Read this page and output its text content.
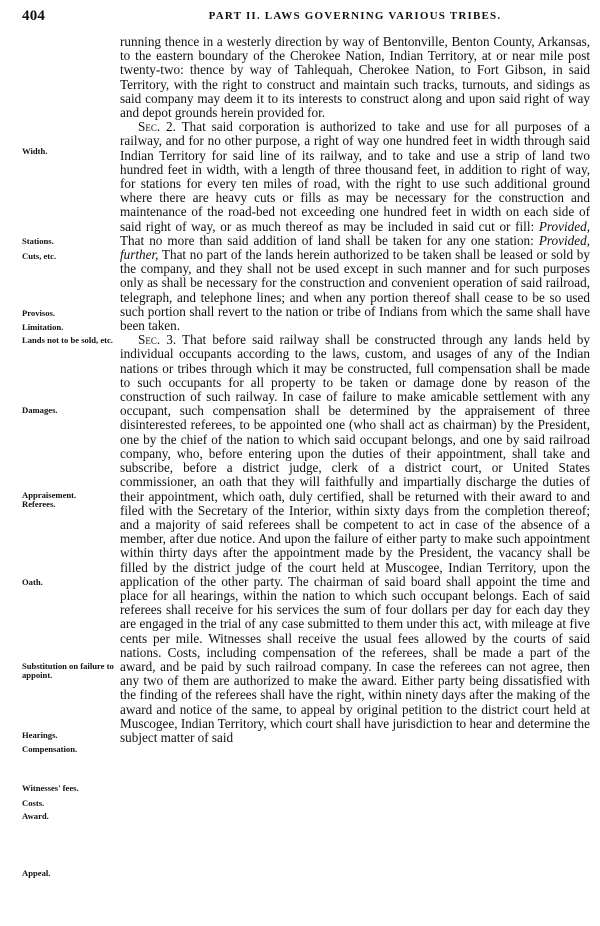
404	PART II. LAWS GOVERNING VARIOUS TRIBES.
Width.
Stations.
Cuts, etc.
Provisos.
Limitation.
Lands not to be sold, etc.
Damages.
Appraisement. Referees.
Oath.
Substitution on failure to appoint.
Hearings.
Compensation.
Witnesses' fees.
Costs.
Award.
Appeal.

running thence in a westerly direction by way of Bentonville, Benton County, Arkansas, to the eastern boundary of the Cherokee Nation, Indian Territory, at or near mile post twenty-two: thence by way of Tahlequah, Cherokee Nation, to Fort Gibson, in said Territory, with the right to construct and maintain such tracks, turnouts, and sidings as said company may deem it to its interests to construct along and upon said right of way and depot grounds herein provided for.

Sec. 2. That said corporation is authorized to take and use for all purposes of a railway, and for no other purpose, a right of way one hundred feet in width through said Indian Territory for said line of its railway, and to take and use a strip of land two hundred feet in width, with a length of three thousand feet, in addition to right of way, for stations for every ten miles of road, with the right to use such additional ground where there are heavy cuts or fills as may be necessary for the construction and maintenance of the road-bed not exceeding one hundred feet in width on each side of said right of way, or as much thereof as may be included in said cut or fill: Provided, That no more than said addition of land shall be taken for any one station: Provided, further, That no part of the lands herein authorized to be taken shall be leased or sold by the company, and they shall not be used except in such manner and for such purposes only as shall be necessary for the construction and convenient operation of said railroad, telegraph, and telephone lines; and when any portion thereof shall cease to be so used such portion shall revert to the nation or tribe of Indians from which the same shall have been taken.

Sec. 3. That before said railway shall be constructed through any lands held by individual occupants according to the laws, custom, and usages of any of the Indian nations or tribes through which it may be constructed, full compensation shall be made to such occupants for all property to be taken or damage done by reason of the construction of such railway. In case of failure to make amicable settlement with any occupant, such compensation shall be determined by the appraisement of three disinterested referees, to be appointed one (who shall act as chairman) by the President, one by the chief of the nation to which said occupant belongs, and one by said railroad company, who, before entering upon the duties of their appointment, shall take and subscribe, before a district judge, clerk of a district court, or United States commissioner, an oath that they will faithfully and impartially discharge the duties of their appointment, which oath, duly certified, shall be returned with their award to and filed with the Secretary of the Interior, within sixty days from the completion thereof; and a majority of said referees shall be competent to act in case of the absence of a member, after due notice. And upon the failure of either party to make such appointment within thirty days after the appointment made by the President, the vacancy shall be filled by the district judge of the court held at Muscogee, Indian Territory, upon the application of the other party. The chairman of said board shall appoint the time and place for all hearings, within the nation to which such occupant belongs. Each of said referees shall receive for his services the sum of four dollars per day for each day they are engaged in the trial of any case submitted to them under this act, with mileage at five cents per mile. Witnesses shall receive the usual fees allowed by the courts of said nations. Costs, including compensation of the referees, shall be made a part of the award, and be paid by such railroad company. In case the referees can not agree, then any two of them are authorized to make the award. Either party being dissatisfied with the finding of the referees shall have the right, within ninety days after the making of the award and notice of the same, to appeal by original petition to the district court held at Muscogee, Indian Territory, which court shall have jurisdiction to hear and determine the subject matter of said
